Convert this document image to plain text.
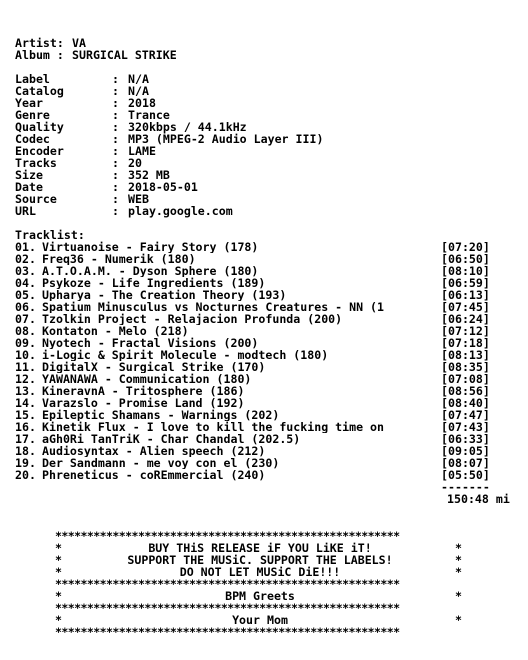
Artist: VA
Album : SURGICAL STRIKE
Label	: N/A
Catalog	: N/A
Year	: 2018
Genre	: Trance
Quality	: 320kbps / 44.1kHz
Codec	: MP3 (MPEG-2 Audio Layer III)
Encoder	: LAME
Tracks	: 20
Size	: 352 MB
Date	: 2018-05-01
Source	: WEB
URL	: play.google.com
Tracklist:
01. Virtuanoise - Fairy Story (178)	[07:20]
02. Freq36 - Numerik (180)	[06:50]
03. A.T.O.A.M. - Dyson Sphere (180)	[08:10]
04. Psykoze - Life Ingredients (189)	[06:59]
05. Upharya - The Creation Theory (193)	[06:13]
06. Spatium Minusculus vs Nocturnes Creatures - NN (1	[07:45]
07. Tzolkin Project - Relajacion Profunda (200)	[06:24]
08. Kontaton - Melo (218)	[07:12]
09. Nyotech - Fractal Visions (200)	[07:18]
10. i-Logic & Spirit Molecule - modtech (180)	[08:13]
11. DigitalX - Surgical Strike (170)	[08:35]
12. YAWANAWA - Communication (180)	[07:08]
13. KineravnA - Tritosphere (186)	[08:56]
14. Varazslo - Promise Land (192)	[08:40]
15. Epileptic Shamans - Warnings (202)	[07:47]
16. Kinetik Flux - I love to kill the fucking time on	[07:43]
17. aGh0Ri TanTriK - Char Chandal (202.5)	[06:33]
18. Audiosyntax - Alien speech (212)	[09:05]
19. Der Sandmann - me voy con el (230)	[08:07]
20. Phreneticus - coREmmercial (240)	[05:50]
-------
150:48 mi
******************************************************
*	BUY THiS RELEASE iF YOU LiKE iT!	*
*	SUPPORT THE MUSiC. SUPPORT THE LABELS!	*
*	DO NOT LET MUSiC DiE!!!	*
******************************************************
*	BPM Greets	*
******************************************************
*	Your Mom	*
******************************************************
